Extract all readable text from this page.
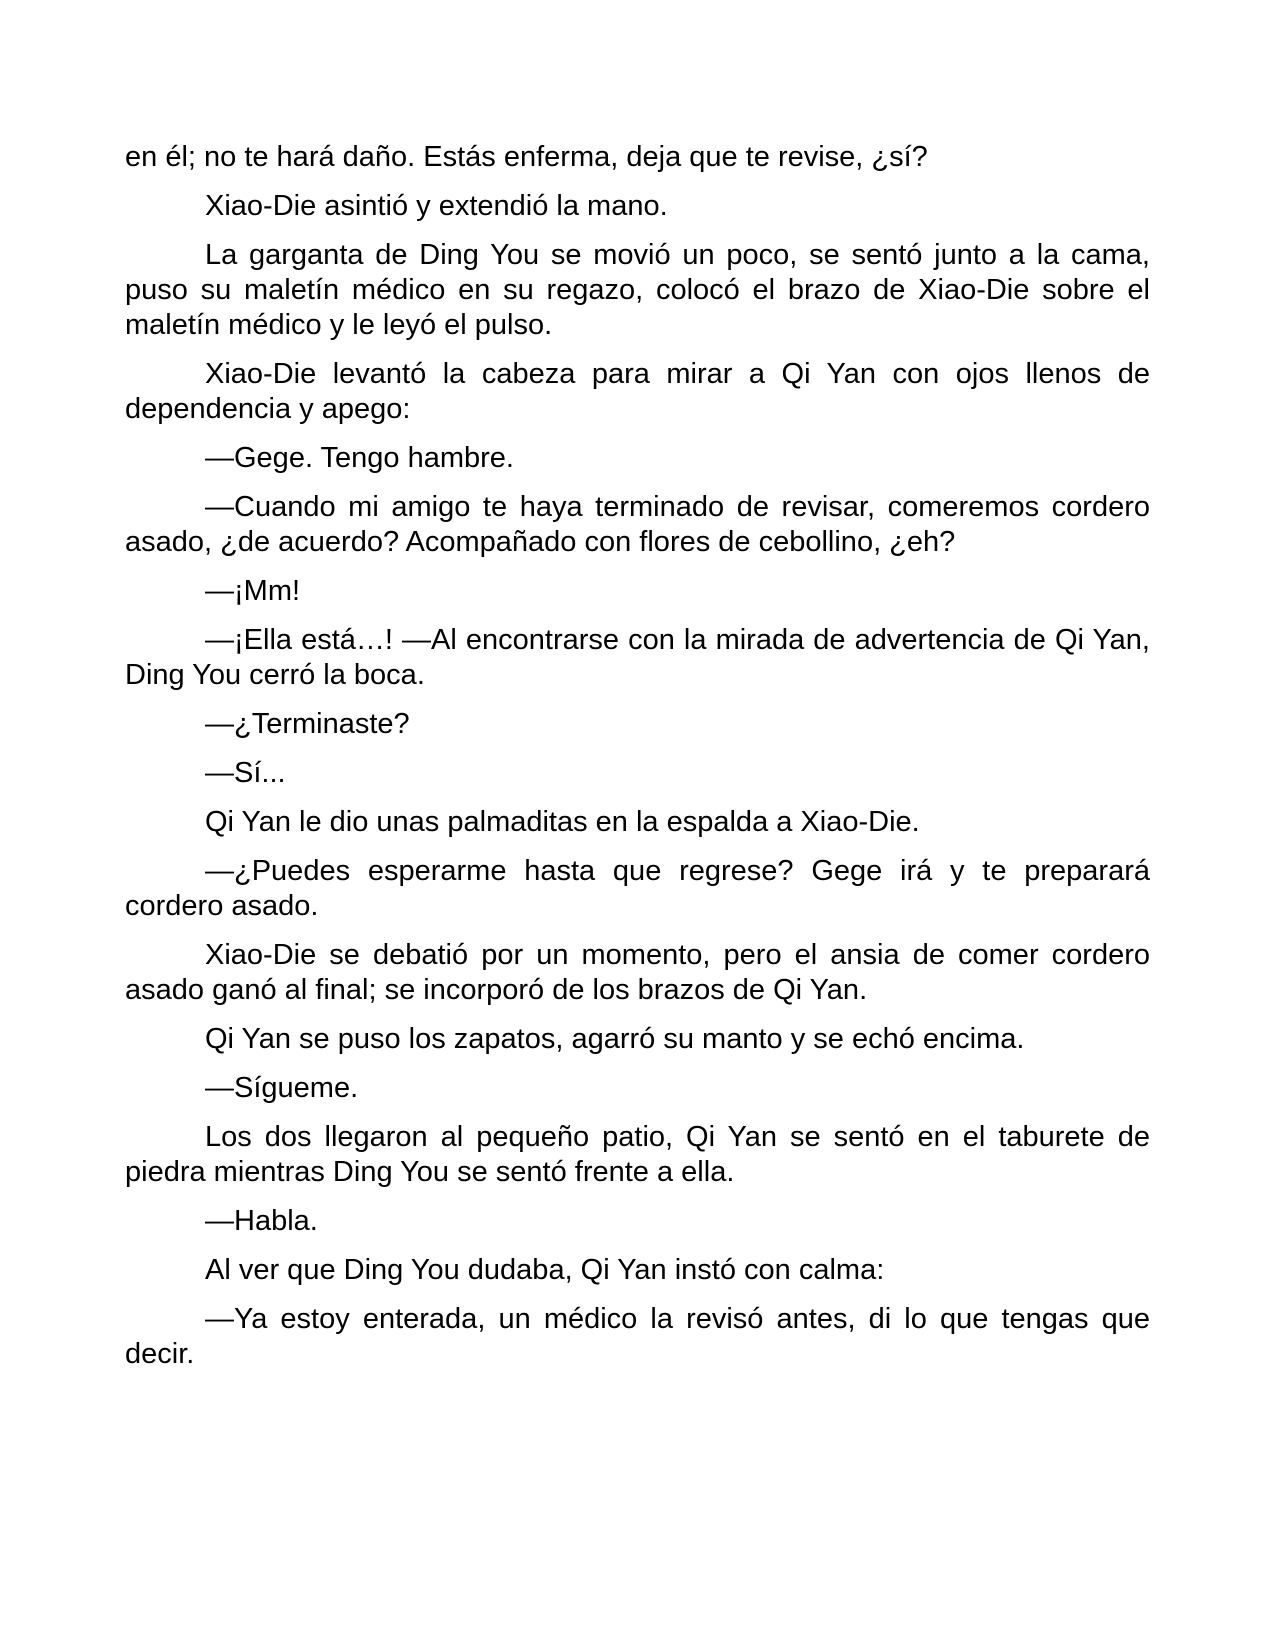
en él; no te hará daño. Estás enferma, deja que te revise, ¿sí?

Xiao-Die asintió y extendió la mano.

La garganta de Ding You se movió un poco, se sentó junto a la cama, puso su maletín médico en su regazo, colocó el brazo de Xiao-Die sobre el maletín médico y le leyó el pulso.

Xiao-Die levantó la cabeza para mirar a Qi Yan con ojos llenos de dependencia y apego:

—Gege. Tengo hambre.

—Cuando mi amigo te haya terminado de revisar, comeremos cordero asado, ¿de acuerdo? Acompañado con flores de cebollino, ¿eh?

—¡Mm!

—¡Ella está…! —Al encontrarse con la mirada de advertencia de Qi Yan, Ding You cerró la boca.

—¿Terminaste?

—Sí...

Qi Yan le dio unas palmaditas en la espalda a Xiao-Die.

—¿Puedes esperarme hasta que regrese? Gege irá y te preparará cordero asado.

Xiao-Die se debatió por un momento, pero el ansia de comer cordero asado ganó al final; se incorporó de los brazos de Qi Yan.

Qi Yan se puso los zapatos, agarró su manto y se echó encima.

—Sígueme.

Los dos llegaron al pequeño patio, Qi Yan se sentó en el taburete de piedra mientras Ding You se sentó frente a ella.

—Habla.

Al ver que Ding You dudaba, Qi Yan instó con calma:

—Ya estoy enterada, un médico la revisó antes, di lo que tengas que decir.
